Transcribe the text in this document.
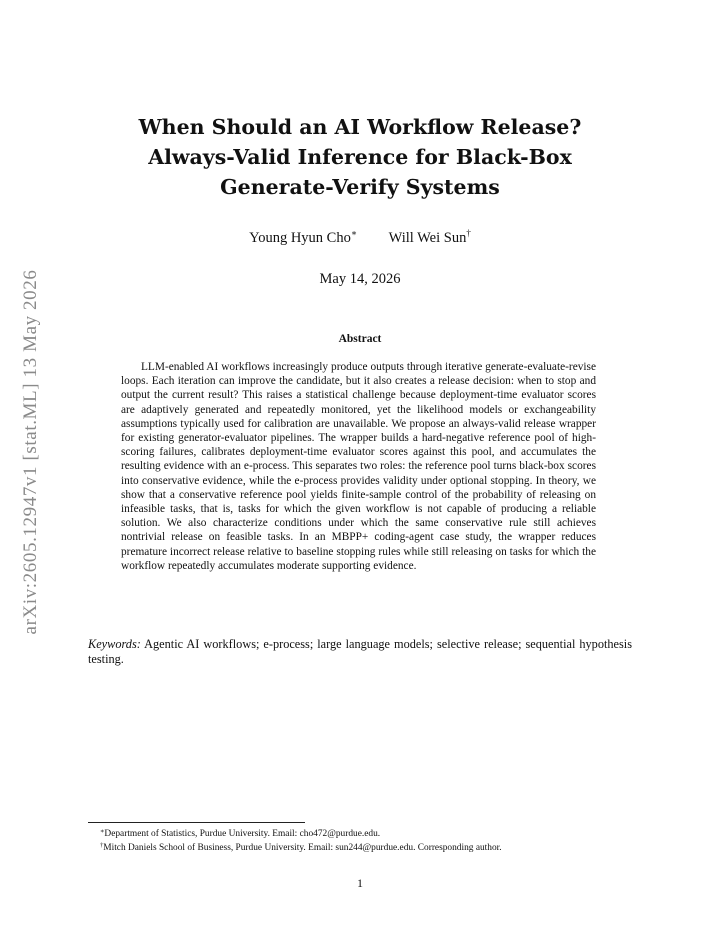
arXiv:2605.12947v1 [stat.ML] 13 May 2026
When Should an AI Workflow Release?
Always-Valid Inference for Black-Box
Generate-Verify Systems
Young Hyun Cho∗ Will Wei Sun†
May 14, 2026
Abstract
LLM-enabled AI workflows increasingly produce outputs through iterative generate-evaluate-revise loops. Each iteration can improve the candidate, but it also creates a release decision: when to stop and output the current result? This raises a statistical challenge because deployment-time evaluator scores are adaptively generated and repeatedly monitored, yet the likelihood models or exchangeability assumptions typically used for calibration are unavailable. We propose an always-valid release wrapper for existing generator-evaluator pipelines. The wrapper builds a hard-negative reference pool of high-scoring failures, calibrates deployment-time evaluator scores against this pool, and accumulates the resulting evidence with an e-process. This separates two roles: the reference pool turns black-box scores into conservative evidence, while the e-process provides validity under optional stopping. In theory, we show that a conservative reference pool yields finite-sample control of the probability of releasing on infeasible tasks, that is, tasks for which the given workflow is not capable of producing a reliable solution. We also characterize conditions under which the same conservative rule still achieves nontrivial release on feasible tasks. In an MBPP+ coding-agent case study, the wrapper reduces premature incorrect release relative to baseline stopping rules while still releasing on tasks for which the workflow repeatedly accumulates moderate supporting evidence.
Keywords: Agentic AI workflows; e-process; large language models; selective release; sequential hypothesis testing.
∗Department of Statistics, Purdue University. Email: cho472@purdue.edu.
†Mitch Daniels School of Business, Purdue University. Email: sun244@purdue.edu. Corresponding author.
1
